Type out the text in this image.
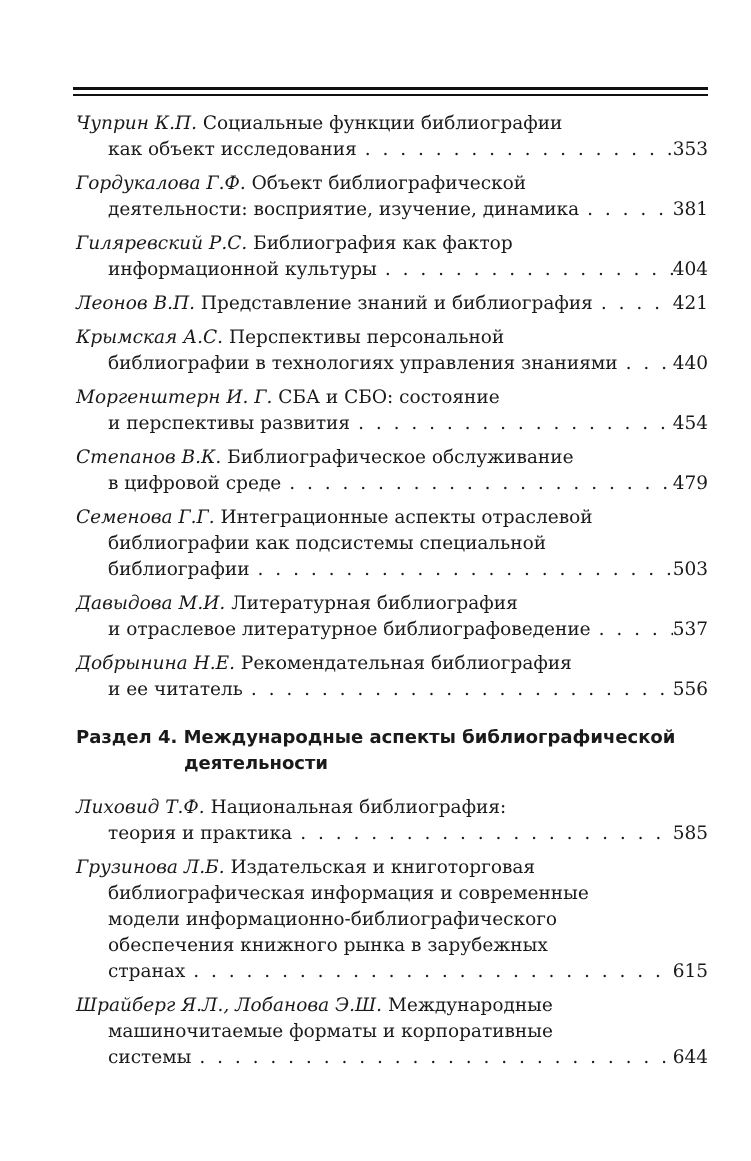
Чуприн К.П. Социальные функции библиографии
как объект исследования . . .	353
Гордукалова Г.Ф. Объект библиографической
деятельности: восприятие, изучение, динамика . . .	381
Гиляревский Р.С. Библиография как фактор
информационной культуры . . .	404
Леонов В.П. Представление знаний и библиография . . .	421
Крымская А.С. Перспективы персональной
библиографии в технологиях управления знаниями . . .	440
Моргенштерн И. Г. СБА и СБО: состояние
и перспективы развития . . .	454
Степанов В.К. Библиографическое обслуживание
в цифровой среде . . .	479
Семенова Г.Г. Интеграционные аспекты отраслевой
библиографии как подсистемы специальной
библиографии . . .	503
Давыдова М.И. Литературная библиография
и отраслевое литературное библиографоведение . . .	537
Добрынина Н.Е. Рекомендательная библиография
и ее читатель . . .	556
Раздел 4. Международные аспекты библиографической
деятельности
Лиховид Т.Ф. Национальная библиография:
теория и практика . . .	585
Грузинова Л.Б. Издательская и книготорговая
библиографическая информация и современные
модели информационно-библиографического
обеспечения книжного рынка в зарубежных
странах . . .	615
Шрайберг Я.Л., Лобанова Э.Ш. Международные
машиночитаемые форматы и корпоративные
системы . . .	644
